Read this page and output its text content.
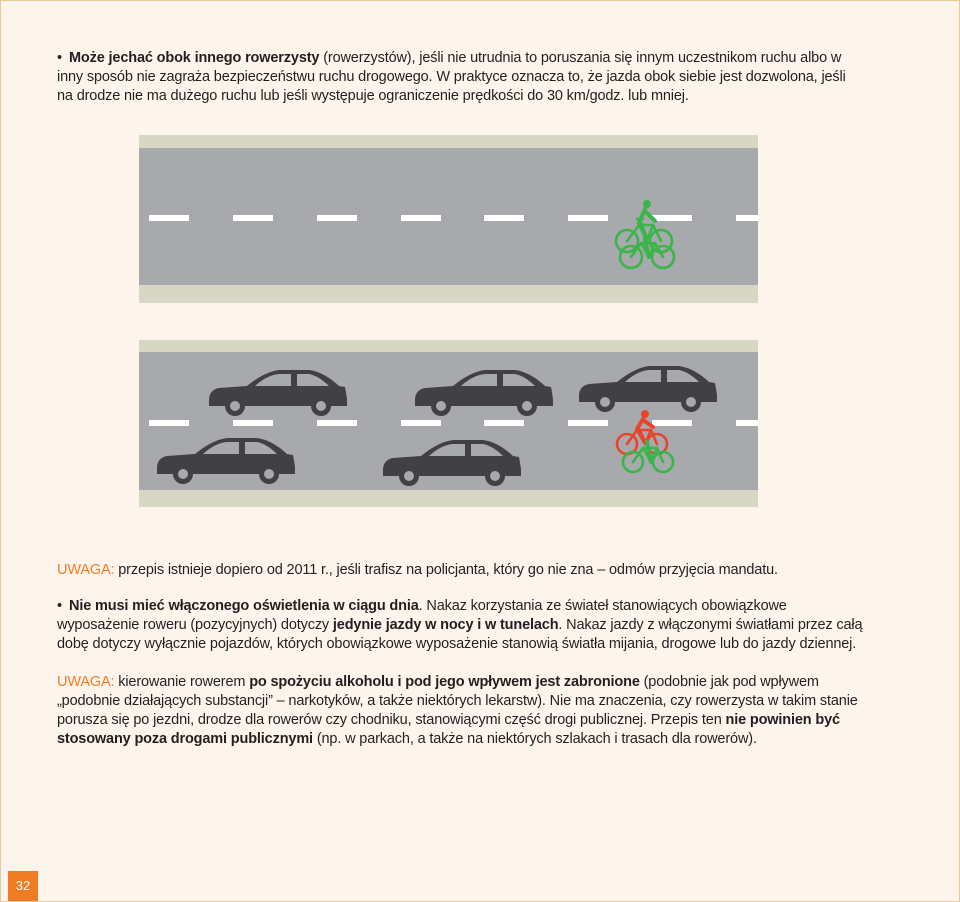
• Może jechać obok innego rowerzysty (rowerzystów), jeśli nie utrudnia to poruszania się innym uczestnikom ruchu albo w inny sposób nie zagraża bezpieczeństwu ruchu drogowego. W praktyce oznacza to, że jazda obok siebie jest dozwolona, jeśli na drodze nie ma dużego ruchu lub jeśli występuje ograniczenie prędkości do 30 km/godz. lub mniej.

UWAGA: przepis istnieje dopiero od 2011 r., jeśli trafisz na policjanta, który go nie zna – odmów przyjęcia mandatu.

• Nie musi mieć włączonego oświetlenia w ciągu dnia. Nakaz korzystania ze świateł stanowiących obowiązkowe wyposażenie roweru (pozycyjnych) dotyczy jedynie jazdy w nocy i w tunelach. Nakaz jazdy z włączonymi światłami przez całą dobę dotyczy wyłącznie pojazdów, których obowiązkowe wyposażenie stanowią światła mijania, drogowe lub do jazdy dziennej.

UWAGA: kierowanie rowerem po spożyciu alkoholu i pod jego wpływem jest zabronione (podobnie jak pod wpływem „podobnie działających substancji” – narkotyków, a także niektórych lekarstw). Nie ma znaczenia, czy rowerzysta w takim stanie porusza się po jezdni, drodze dla rowerów czy chodniku, stanowiącymi część drogi publicznej. Przepis ten nie powinien być stosowany poza drogami publicznymi (np. w parkach, a także na niektórych szlakach i trasach dla rowerów).

32
